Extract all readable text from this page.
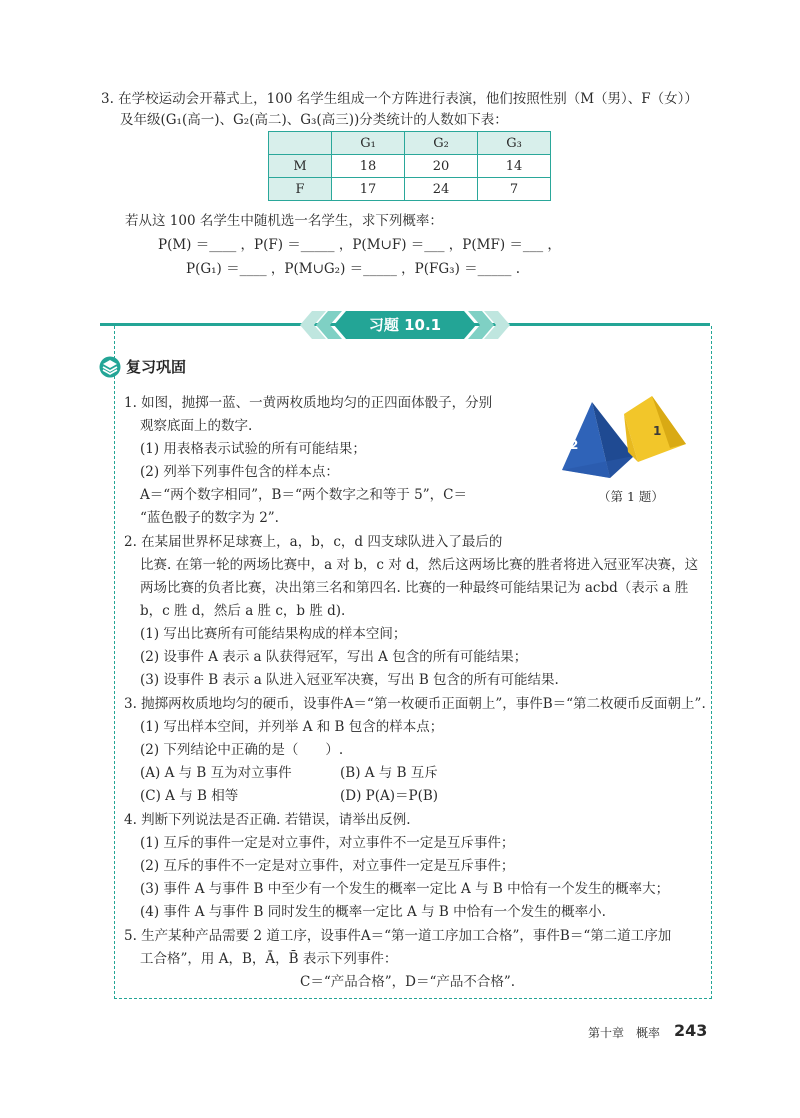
3. 在学校运动会开幕式上，100 名学生组成一个方阵进行表演，他们按照性别（M（男）、F（女））
及年级(G₁(高一)、G₂(高二)、G₃(高三))分类统计的人数如下表：
	G₁	G₂	G₃
M	18	20	14
F	17	24	7
若从这 100 名学生中随机选一名学生，求下列概率：
P(M) ＝____ ，P(F) ＝_____ ，P(M∪F) ＝___ ，P(MF) ＝___ ，
P(G₁) ＝____ ，P(M∪G₂) ＝_____ ，P(FG₃) ＝_____ .
习题 10.1
复习巩固
1. 如图，抛掷一蓝、一黄两枚质地均匀的正四面体骰子，分别
观察底面上的数字.
(1) 用表格表示试验的所有可能结果；
(2) 列举下列事件包含的样本点：
A＝“两个数字相同”，B＝“两个数字之和等于 5”，C＝
“蓝色骰子的数字为 2”.
2. 在某届世界杯足球赛上，a，b，c，d 四支球队进入了最后的
比赛. 在第一轮的两场比赛中，a 对 b，c 对 d，然后这两场比赛的胜者将进入冠亚军决赛，这
两场比赛的负者比赛，决出第三名和第四名. 比赛的一种最终可能结果记为 acbd（表示 a 胜
b，c 胜 d，然后 a 胜 c，b 胜 d).
(1) 写出比赛所有可能结果构成的样本空间；
(2) 设事件 A 表示 a 队获得冠军，写出 A 包含的所有可能结果；
(3) 设事件 B 表示 a 队进入冠亚军决赛，写出 B 包含的所有可能结果.
3. 抛掷两枚质地均匀的硬币，设事件A＝“第一枚硬币正面朝上”，事件B＝“第二枚硬币反面朝上”.
(1) 写出样本空间，并列举 A 和 B 包含的样本点；
(2) 下列结论中正确的是（　　）.
(A) A 与 B 互为对立事件	(B) A 与 B 互斥
(C) A 与 B 相等	(D) P(A)＝P(B)
4. 判断下列说法是否正确. 若错误，请举出反例.
(1) 互斥的事件一定是对立事件，对立事件不一定是互斥事件；
(2) 互斥的事件不一定是对立事件，对立事件一定是互斥事件；
(3) 事件 A 与事件 B 中至少有一个发生的概率一定比 A 与 B 中恰有一个发生的概率大；
(4) 事件 A 与事件 B 同时发生的概率一定比 A 与 B 中恰有一个发生的概率小.
5. 生产某种产品需要 2 道工序，设事件A＝“第一道工序加工合格”，事件B＝“第二道工序加
工合格”，用 A，B，Ā，B̄ 表示下列事件：
C＝“产品合格”，D＝“产品不合格”.
2
1
（第 1 题）
第十章　概率 243
